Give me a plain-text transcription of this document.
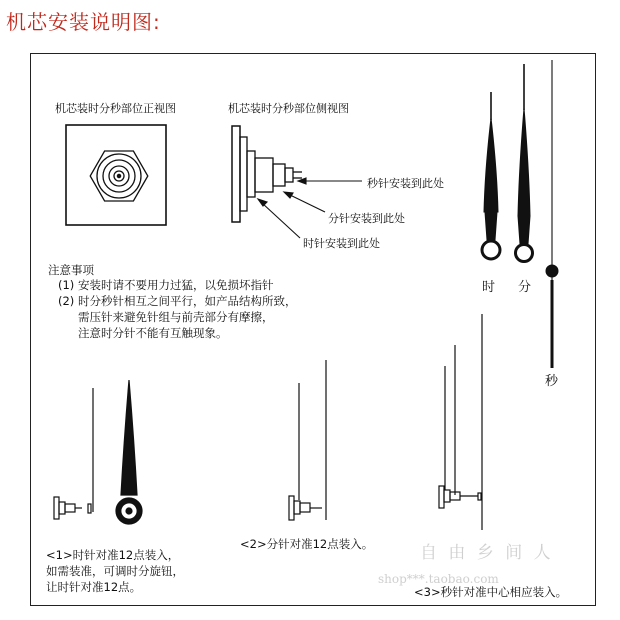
机芯安装说明图:
机芯装时分秒部位正视图	机芯装时分秒部位侧视图
秒针安装到此处
分针安装到此处
时针安装到此处
时 分
秒
注意事项
(1) 安装时请不要用力过猛，以免损坏指针
(2) 时分秒针相互之间平行，如产品结构所致，
需压针来避免针组与前壳部分有摩擦，
注意时分针不能有互触现象。
<1>时针对准12点装入，
如需装准，可调时分旋钮，
让时针对准12点。
<2>分针对准12点装入。
<3>秒针对准中心相应装入。
自 由 乡 间 人
shop***.taobao.com
